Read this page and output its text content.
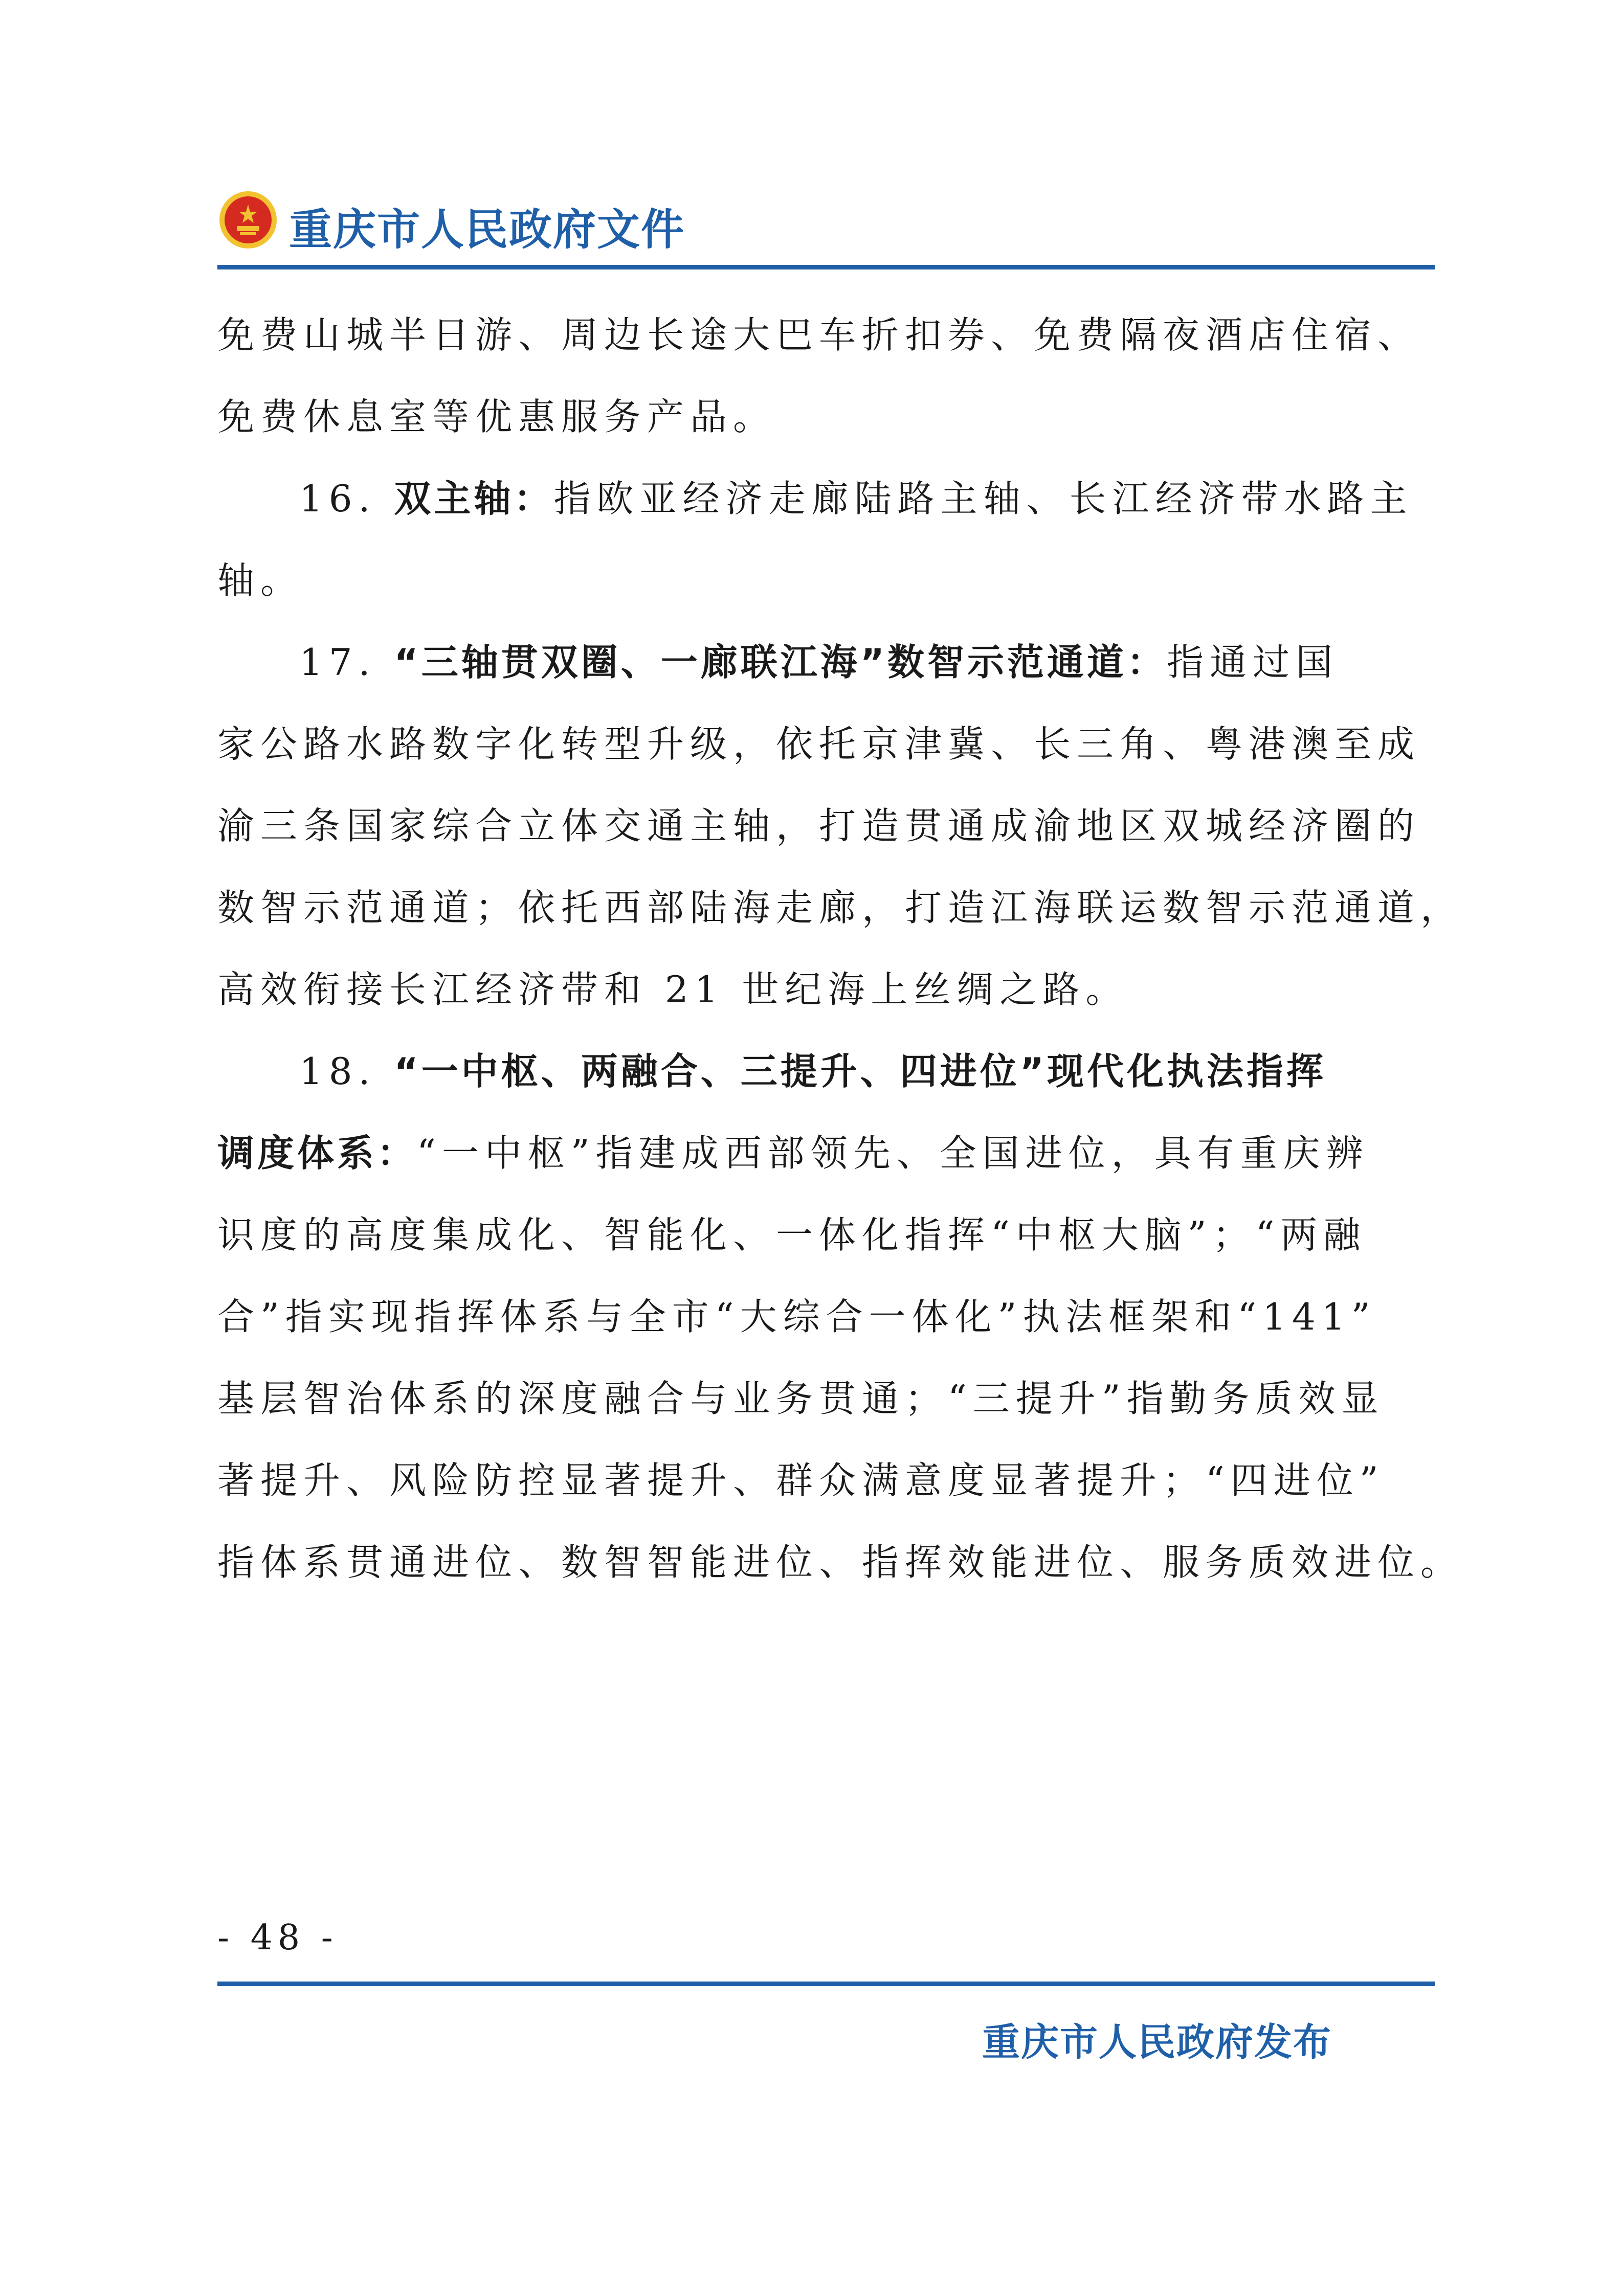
重庆市人民政府文件
免费山城半日游、周边长途大巴车折扣券、免费隔夜酒店住宿、
免费休息室等优惠服务产品。
16. 双主轴：指欧亚经济走廊陆路主轴、长江经济带水路主
轴。
17. “三轴贯双圈、一廊联江海”数智示范通道：指通过国
家公路水路数字化转型升级，依托京津冀、长三角、粤港澳至成
渝三条国家综合立体交通主轴，打造贯通成渝地区双城经济圈的
数智示范通道；依托西部陆海走廊，打造江海联运数智示范通道，
高效衔接长江经济带和 21 世纪海上丝绸之路。
18. “一中枢、两融合、三提升、四进位”现代化执法指挥
调度体系：“一中枢”指建成西部领先、全国进位，具有重庆辨
识度的高度集成化、智能化、一体化指挥“中枢大脑”；“两融
合”指实现指挥体系与全市“大综合一体化”执法框架和“141”
基层智治体系的深度融合与业务贯通；“三提升”指勤务质效显
著提升、风险防控显著提升、群众满意度显著提升；“四进位”
指体系贯通进位、数智智能进位、指挥效能进位、服务质效进位。
- 48 -
重庆市人民政府发布
